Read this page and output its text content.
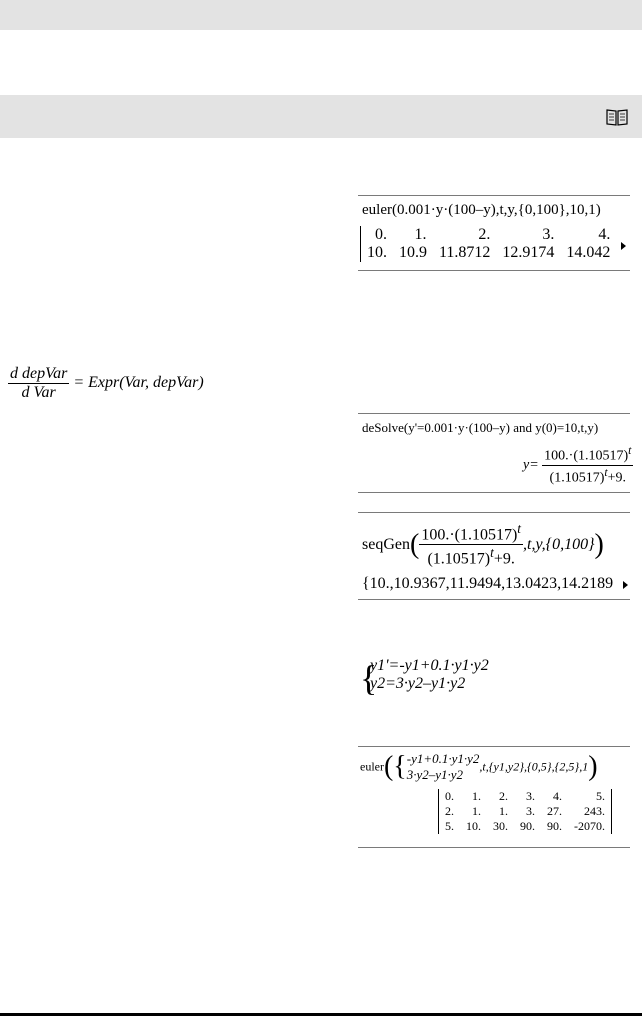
$\frac{\text{d depVar}}{\text{d Var}}$ = Expr(Var, depVar)
euler(0.001·y·(100–y),t,y,{0,100},10,1)
0.	1.	2.	3.	4.
10.	10.9	11.8712	12.9174	14.042
deSolve(y'=0.001·y·(100–y) and y(0)=10,t,y)
$y= \frac{100.\cdot(1.10517)^t}{(1.10517)^t+9.}$
seqGen( $\frac{100.\cdot(1.10517)^t}{(1.10517)^t+9.} ,t,y,\{0,100\}$)
{10.,10.9367,11.9494,13.0423,14.2189
{
y1'=-y1+0.1·y1·y2
y2=3·y2–y1·y2
euler({ -y1+0.1·y1·y2
3·y2–y1·y2
,t,{y1,y2},{0,5},{2,5},1)
0.	1.	2.	3.	4.	5.
2.	1.	1.	3.	27.	243.
5.	10.	30.	90.	90.	-2070.
